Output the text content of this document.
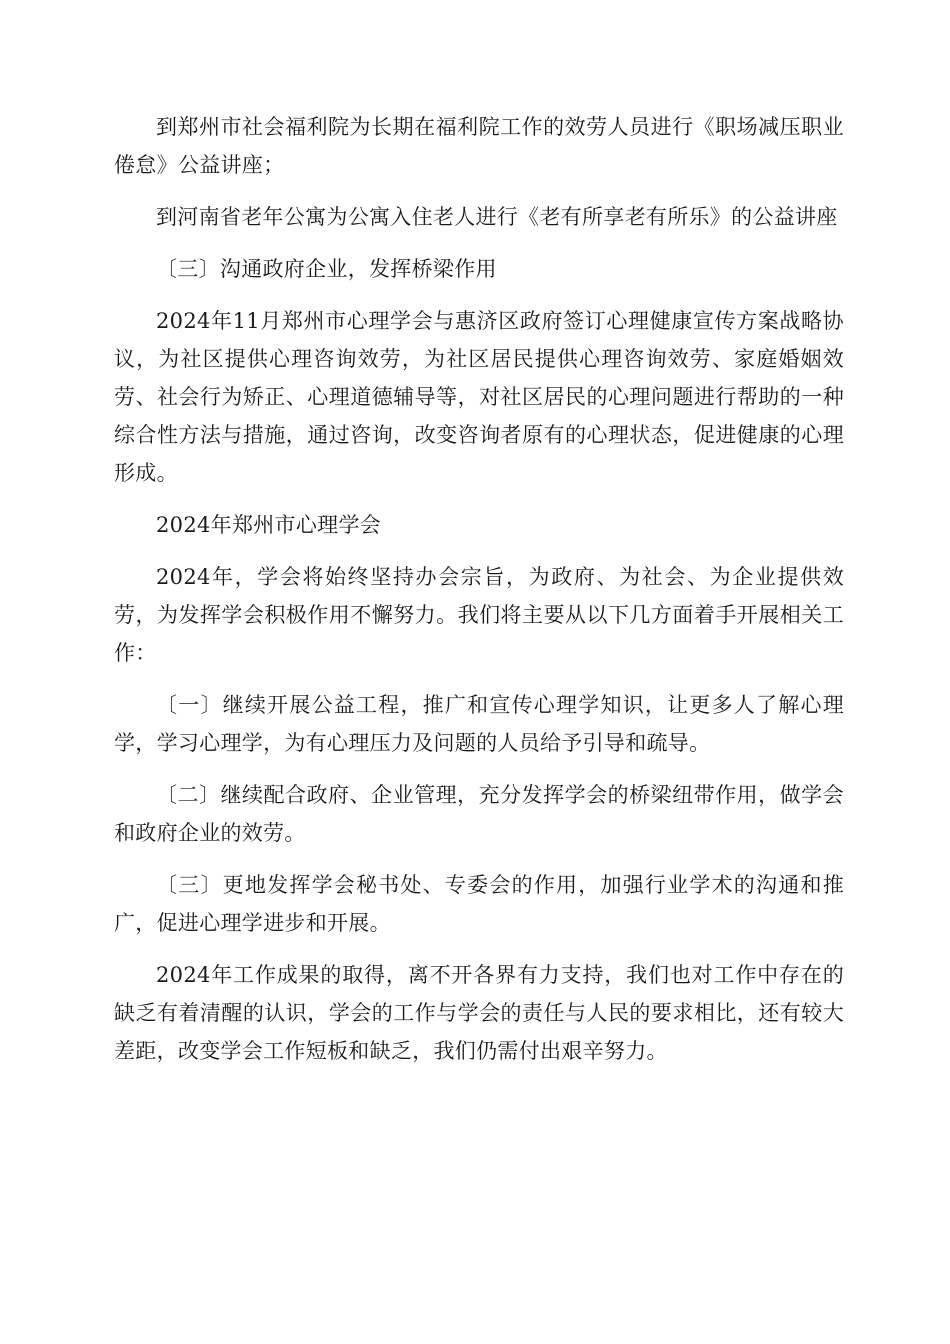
到郑州市社会福利院为长期在福利院工作的效劳人员进行《职场减压职业倦怠》公益讲座；

到河南省老年公寓为公寓入住老人进行《老有所享老有所乐》的公益讲座

〔三〕沟通政府企业，发挥桥梁作用

2024年11月郑州市心理学会与惠济区政府签订心理健康宣传方案战略协议，为社区提供心理咨询效劳，为社区居民提供心理咨询效劳、家庭婚姻效劳、社会行为矫正、心理道德辅导等，对社区居民的心理问题进行帮助的一种综合性方法与措施，通过咨询，改变咨询者原有的心理状态，促进健康的心理形成。

2024年郑州市心理学会

2024年，学会将始终坚持办会宗旨，为政府、为社会、为企业提供效劳，为发挥学会积极作用不懈努力。我们将主要从以下几方面着手开展相关工作：

〔一〕继续开展公益工程，推广和宣传心理学知识，让更多人了解心理学，学习心理学，为有心理压力及问题的人员给予引导和疏导。

〔二〕继续配合政府、企业管理，充分发挥学会的桥梁纽带作用，做学会和政府企业的效劳。

〔三〕更地发挥学会秘书处、专委会的作用，加强行业学术的沟通和推广，促进心理学进步和开展。

2024年工作成果的取得，离不开各界有力支持，我们也对工作中存在的缺乏有着清醒的认识，学会的工作与学会的责任与人民的要求相比，还有较大差距，改变学会工作短板和缺乏，我们仍需付出艰辛努力。
